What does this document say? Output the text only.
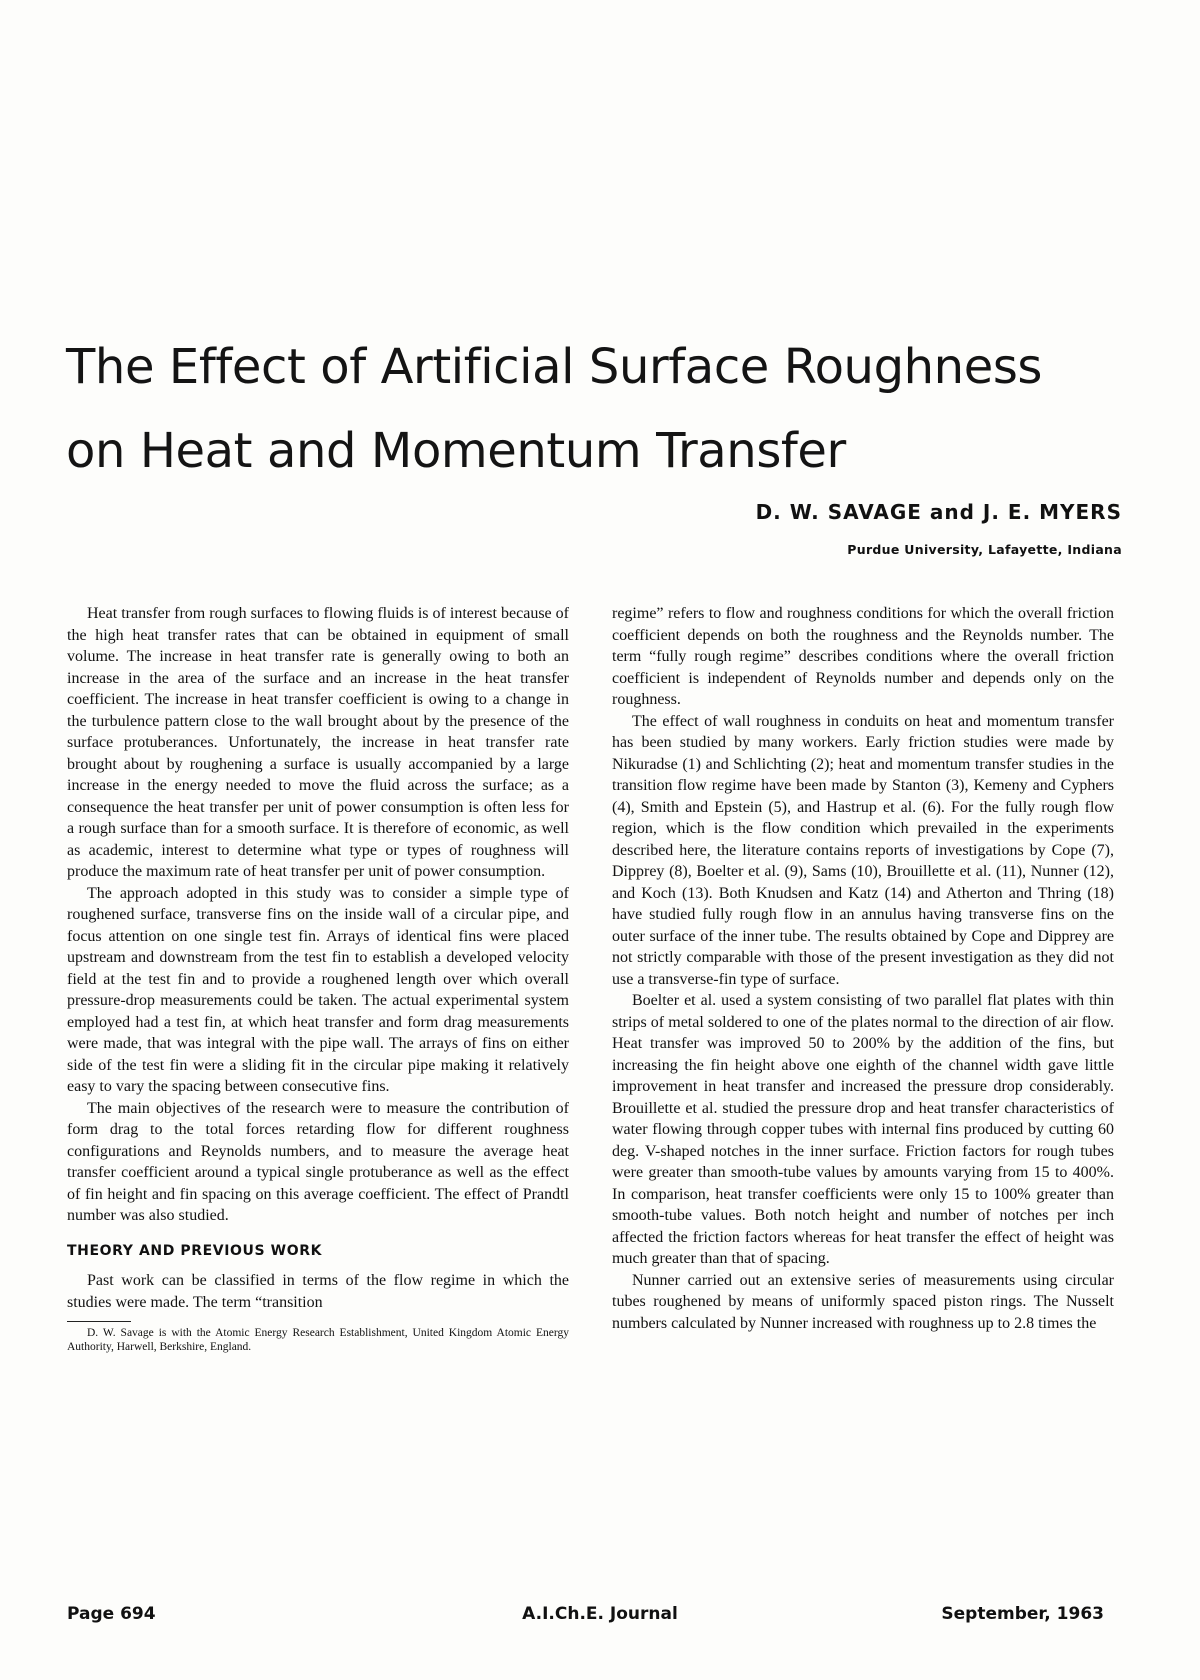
The Effect of Artificial Surface Roughness
on Heat and Momentum Transfer

D. W. SAVAGE and J. E. MYERS

Purdue University, Lafayette, Indiana

Heat transfer from rough surfaces to flowing fluids is of interest because of the high heat transfer rates that can be obtained in equipment of small volume. The increase in heat transfer rate is generally owing to both an increase in the area of the surface and an increase in the heat transfer coefficient. The increase in heat transfer coefficient is owing to a change in the turbulence pattern close to the wall brought about by the presence of the surface protuberances. Unfortunately, the increase in heat transfer rate brought about by roughening a surface is usually accompanied by a large increase in the energy needed to move the fluid across the surface; as a consequence the heat transfer per unit of power consumption is often less for a rough surface than for a smooth surface. It is therefore of economic, as well as academic, interest to determine what type or types of roughness will produce the maximum rate of heat transfer per unit of power consumption.

The approach adopted in this study was to consider a simple type of roughened surface, transverse fins on the inside wall of a circular pipe, and focus attention on one single test fin. Arrays of identical fins were placed upstream and downstream from the test fin to establish a developed velocity field at the test fin and to provide a roughened length over which overall pressure-drop measurements could be taken. The actual experimental system employed had a test fin, at which heat transfer and form drag measurements were made, that was integral with the pipe wall. The arrays of fins on either side of the test fin were a sliding fit in the circular pipe making it relatively easy to vary the spacing between consecutive fins.

The main objectives of the research were to measure the contribution of form drag to the total forces retarding flow for different roughness configurations and Reynolds numbers, and to measure the average heat transfer coefficient around a typical single protuberance as well as the effect of fin height and fin spacing on this average coefficient. The effect of Prandtl number was also studied.

THEORY AND PREVIOUS WORK

Past work can be classified in terms of the flow regime in which the studies were made. The term “transition

D. W. Savage is with the Atomic Energy Research Establishment, United Kingdom Atomic Energy Authority, Harwell, Berkshire, England.

regime” refers to flow and roughness conditions for which the overall friction coefficient depends on both the roughness and the Reynolds number. The term “fully rough regime” describes conditions where the overall friction coefficient is independent of Reynolds number and depends only on the roughness.

The effect of wall roughness in conduits on heat and momentum transfer has been studied by many workers. Early friction studies were made by Nikuradse (1) and Schlichting (2); heat and momentum transfer studies in the transition flow regime have been made by Stanton (3), Kemeny and Cyphers (4), Smith and Epstein (5), and Hastrup et al. (6). For the fully rough flow region, which is the flow condition which prevailed in the experiments described here, the literature contains reports of investigations by Cope (7), Dipprey (8), Boelter et al. (9), Sams (10), Brouillette et al. (11), Nunner (12), and Koch (13). Both Knudsen and Katz (14) and Atherton and Thring (18) have studied fully rough flow in an annulus having transverse fins on the outer surface of the inner tube. The results obtained by Cope and Dipprey are not strictly comparable with those of the present investigation as they did not use a transverse-fin type of surface.

Boelter et al. used a system consisting of two parallel flat plates with thin strips of metal soldered to one of the plates normal to the direction of air flow. Heat transfer was improved 50 to 200% by the addition of the fins, but increasing the fin height above one eighth of the channel width gave little improvement in heat transfer and increased the pressure drop considerably. Brouillette et al. studied the pressure drop and heat transfer characteristics of water flowing through copper tubes with internal fins produced by cutting 60 deg. V-shaped notches in the inner surface. Friction factors for rough tubes were greater than smooth-tube values by amounts varying from 15 to 400%. In comparison, heat transfer coefficients were only 15 to 100% greater than smooth-tube values. Both notch height and number of notches per inch affected the friction factors whereas for heat transfer the effect of height was much greater than that of spacing.

Nunner carried out an extensive series of measurements using circular tubes roughened by means of uniformly spaced piston rings. The Nusselt numbers calculated by Nunner increased with roughness up to 2.8 times the

Page 694	A.I.Ch.E. Journal	September, 1963
